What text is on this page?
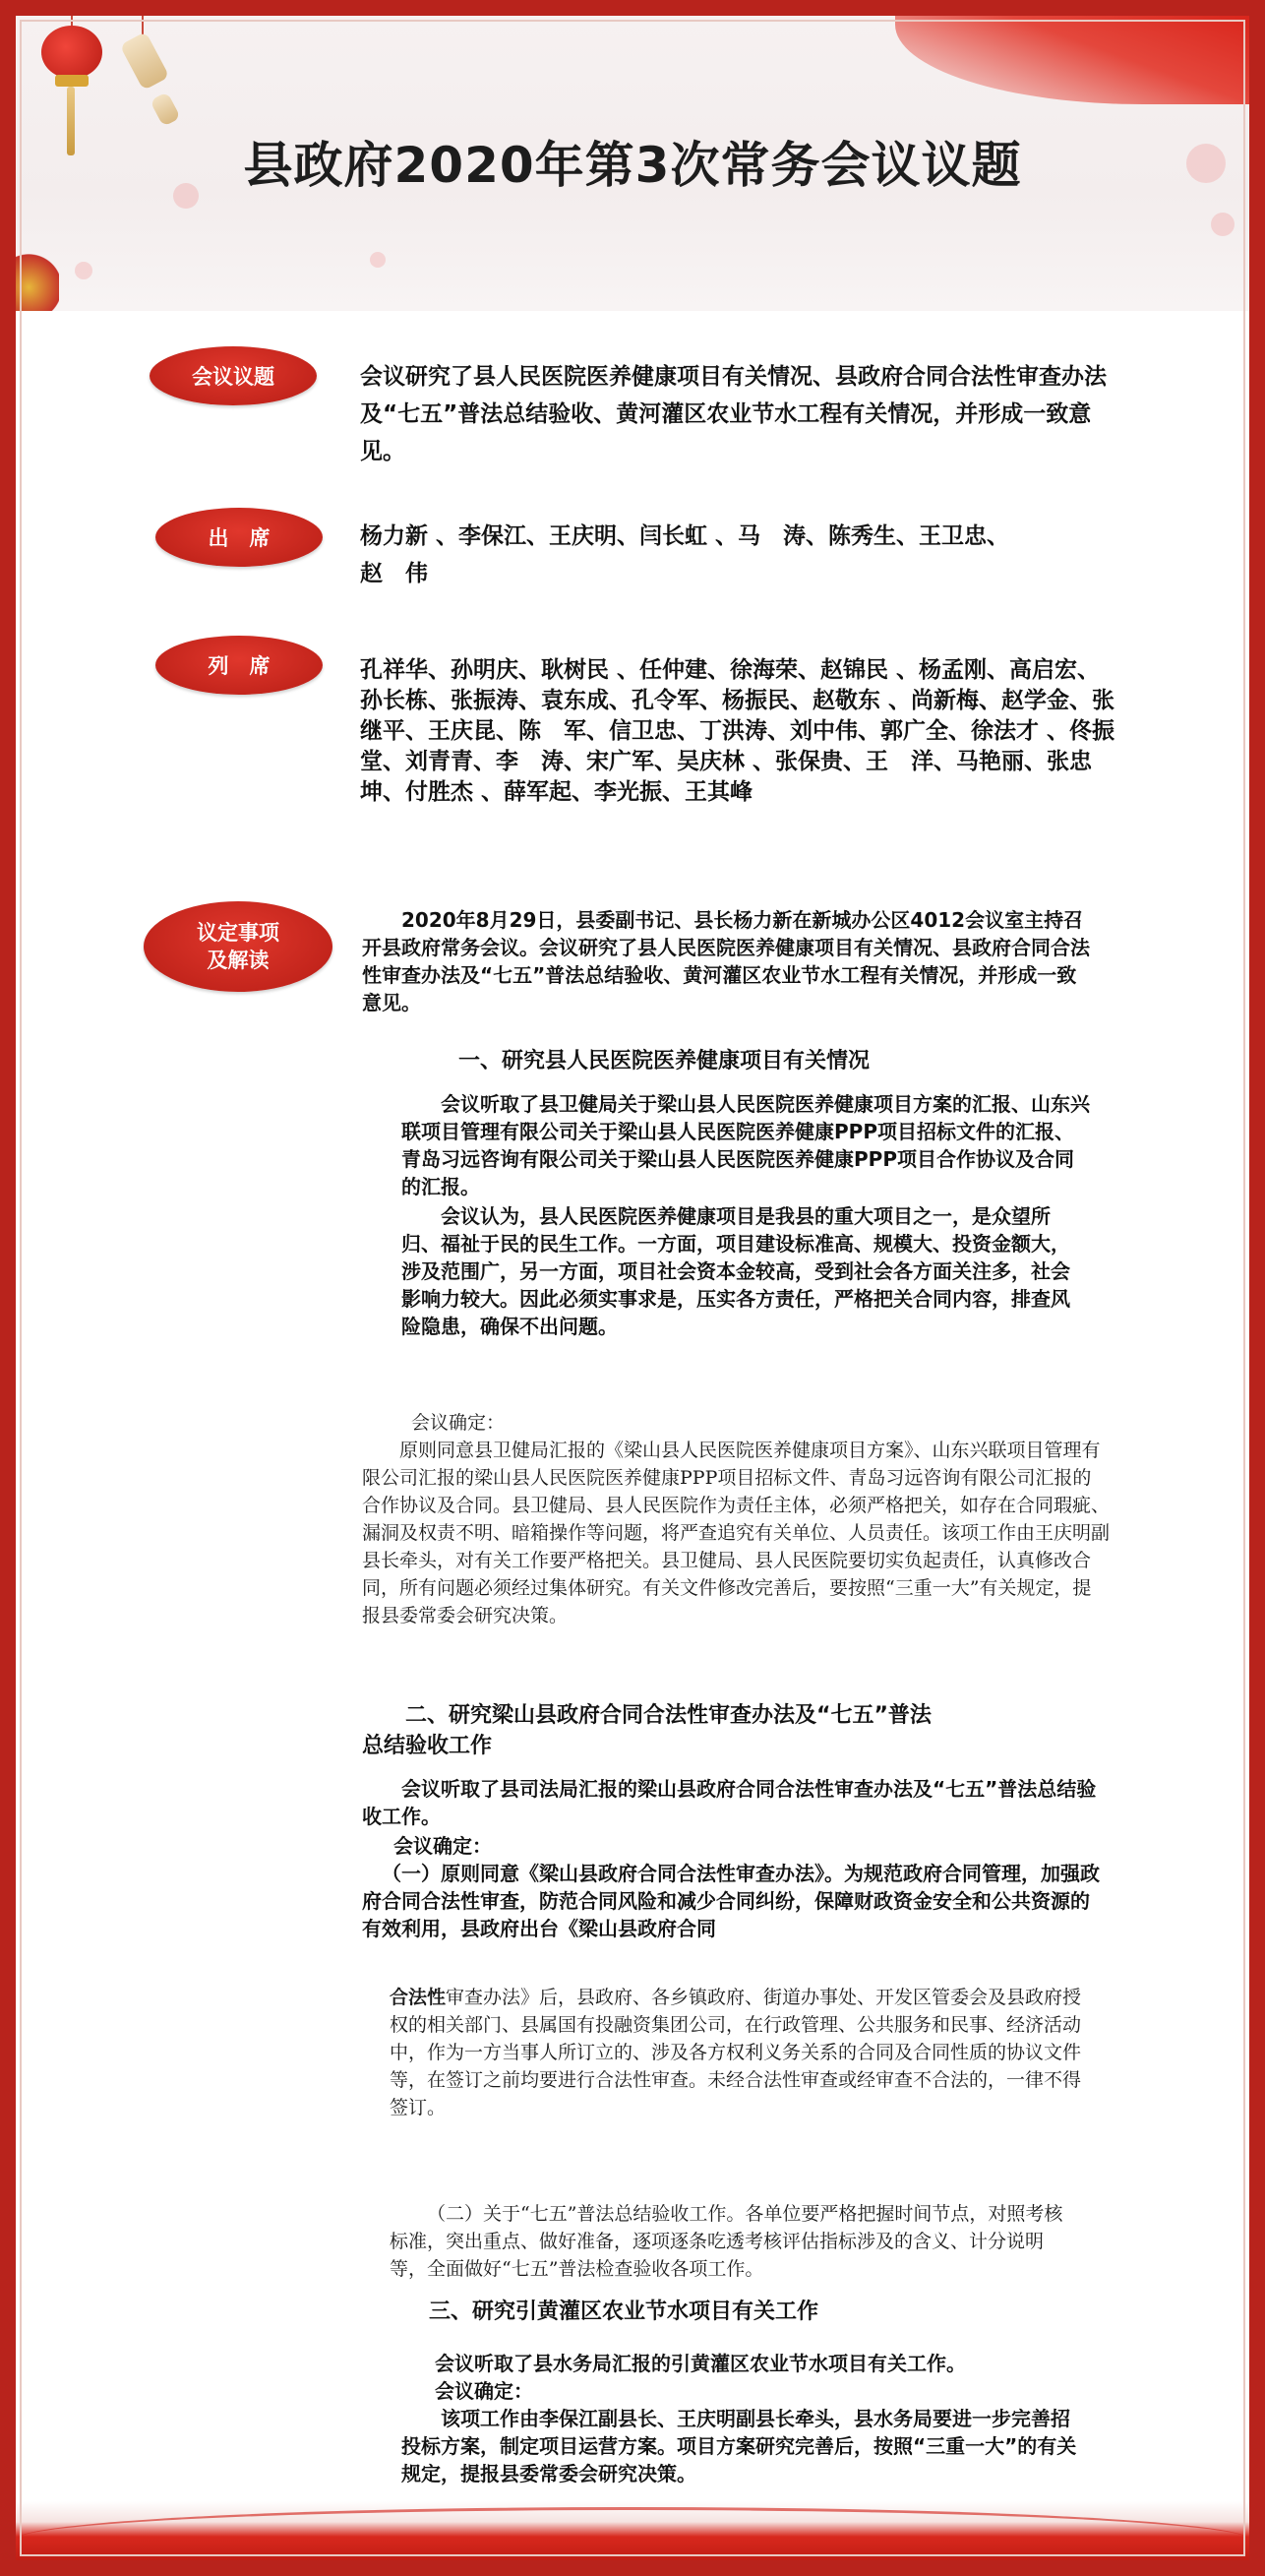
县政府2020年第3次常务会议议题
会议议题	会议研究了县人民医院医养健康项目有关情况、县政府合同合法性审查办法及“七五”普法总结验收、黄河灌区农业节水工程有关情况，并形成一致意见。
出　席	杨力新 、李保江、王庆明、闫长虹 、马　涛、陈秀生、王卫忠、
赵　伟
列　席	孔祥华、孙明庆、耿树民 、任仲建、徐海荣、赵锦民 、杨孟刚、高启宏、孙长栋、张振涛、袁东成、孔令军、杨振民、赵敬东 、尚新梅、赵学金、张继平、王庆昆、陈　军、信卫忠、丁洪涛、刘中伟、郭广全、徐法才 、佟振堂、刘青青、李　涛、宋广军、吴庆林 、张保贵、王　洋、马艳丽、张忠坤、付胜杰 、薛军起、李光振、王其峰
议定事项
及解读

2020年8月29日，县委副书记、县长杨力新在新城办公区4012会议室主持召开县政府常务会议。会议研究了县人民医院医养健康项目有关情况、县政府合同合法性审查办法及“七五”普法总结验收、黄河灌区农业节水工程有关情况，并形成一致意见。

一、研究县人民医院医养健康项目有关情况

会议听取了县卫健局关于梁山县人民医院医养健康项目方案的汇报、山东兴联项目管理有限公司关于梁山县人民医院医养健康PPP项目招标文件的汇报、青岛习远咨询有限公司关于梁山县人民医院医养健康PPP项目合作协议及合同的汇报。

会议认为，县人民医院医养健康项目是我县的重大项目之一，是众望所归、福祉于民的民生工作。一方面，项目建设标准高、规模大、投资金额大，涉及范围广，另一方面，项目社会资本金较高，受到社会各方面关注多，社会影响力较大。因此必须实事求是，压实各方责任，严格把关合同内容，排查风险隐患，确保不出问题。

会议确定：

原则同意县卫健局汇报的《梁山县人民医院医养健康项目方案》、山东兴联项目管理有限公司汇报的梁山县人民医院医养健康PPP项目招标文件、青岛习远咨询有限公司汇报的合作协议及合同。县卫健局、县人民医院作为责任主体，必须严格把关，如存在合同瑕疵、漏洞及权责不明、暗箱操作等问题，将严查追究有关单位、人员责任。该项工作由王庆明副县长牵头，对有关工作要严格把关。县卫健局、县人民医院要切实负起责任，认真修改合同，所有问题必须经过集体研究。有关文件修改完善后，要按照“三重一大”有关规定，提报县委常委会研究决策。

二、研究梁山县政府合同合法性审查办法及“七五”普法
总结验收工作

会议听取了县司法局汇报的梁山县政府合同合法性审查办法及“七五”普法总结验收工作。

会议确定：

（一）原则同意《梁山县政府合同合法性审查办法》。为规范政府合同管理，加强政府合同合法性审查，防范合同风险和减少合同纠纷，保障财政资金安全和公共资源的有效利用，县政府出台《梁山县政府合同

合法性审查办法》后，县政府、各乡镇政府、街道办事处、开发区管委会及县政府授权的相关部门、县属国有投融资集团公司，在行政管理、公共服务和民事、经济活动中，作为一方当事人所订立的、涉及各方权利义务关系的合同及合同性质的协议文件等，在签订之前均要进行合法性审查。未经合法性审查或经审查不合法的，一律不得签订。

（二）关于“七五”普法总结验收工作。各单位要严格把握时间节点，对照考核标准，突出重点、做好准备，逐项逐条吃透考核评估指标涉及的含义、计分说明等，全面做好“七五”普法检查验收各项工作。

三、研究引黄灌区农业节水项目有关工作

会议听取了县水务局汇报的引黄灌区农业节水项目有关工作。

会议确定：

该项工作由李保江副县长、王庆明副县长牵头，县水务局要进一步完善招投标方案，制定项目运营方案。项目方案研究完善后，按照“三重一大”的有关规定，提报县委常委会研究决策。
